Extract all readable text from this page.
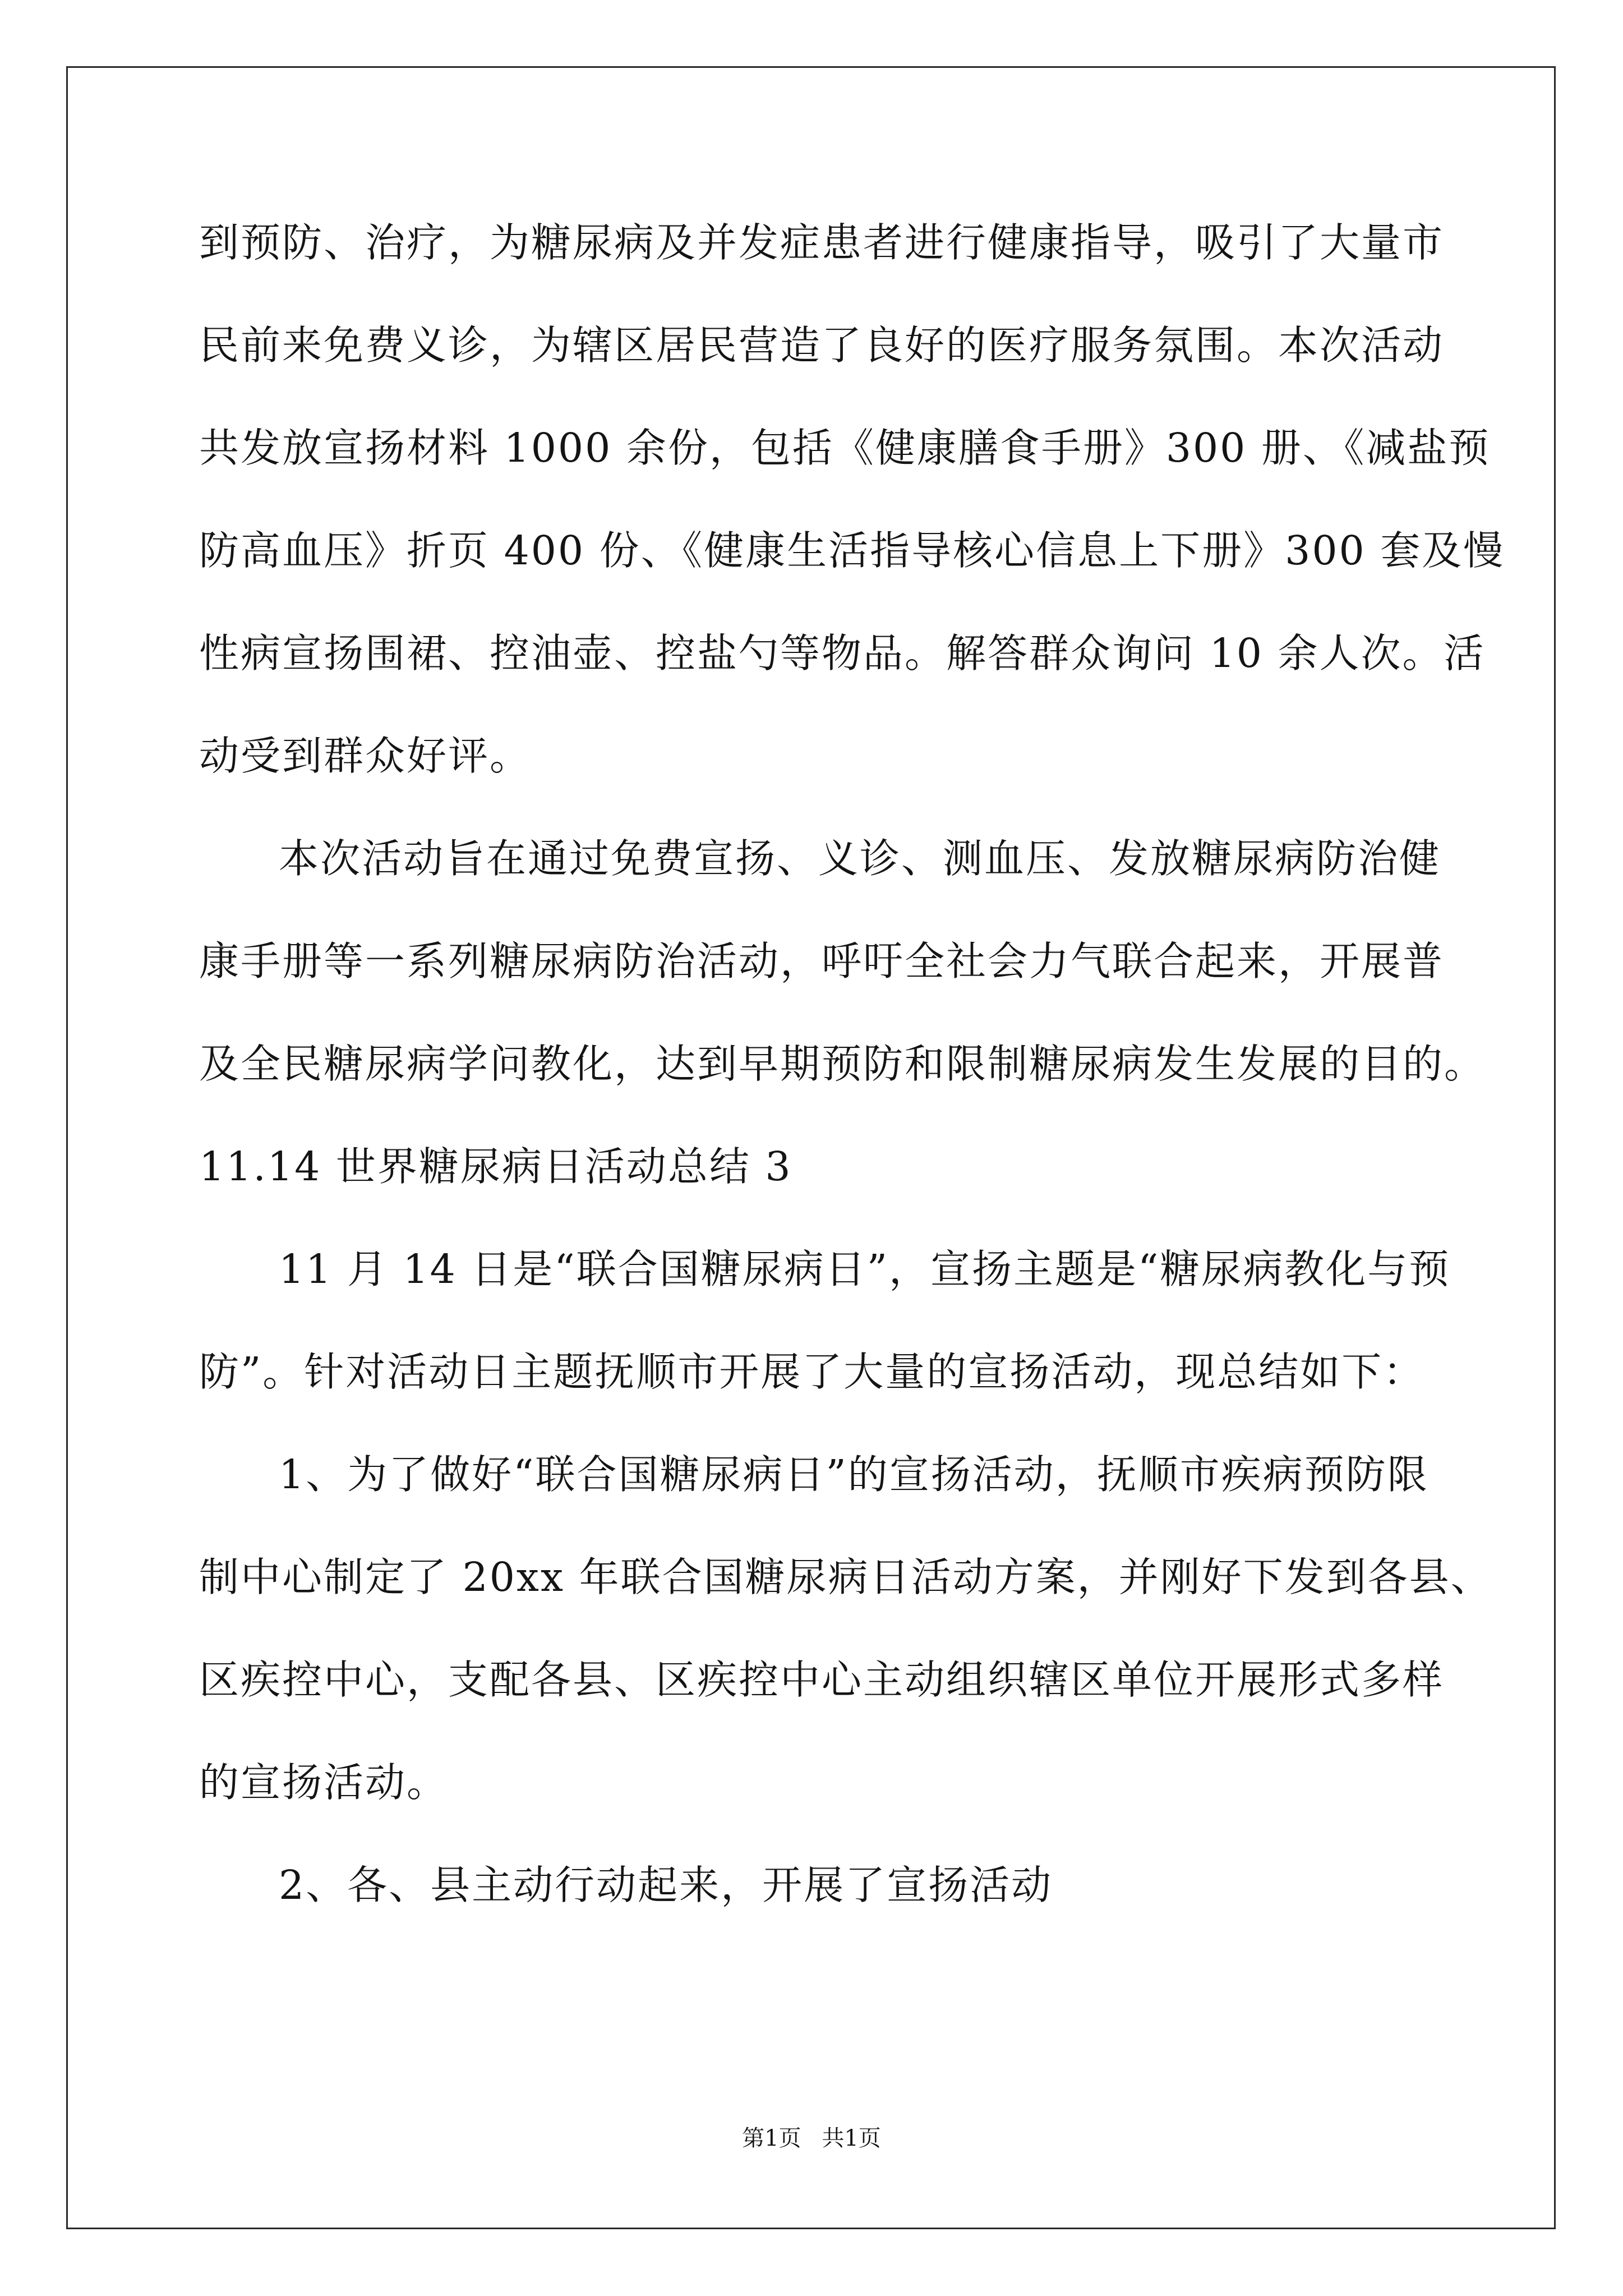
到预防、治疗，为糖尿病及并发症患者进行健康指导，吸引了大量市
民前来免费义诊，为辖区居民营造了良好的医疗服务氛围。本次活动
共发放宣扬材料 1000 余份，包括《健康膳食手册》300 册、《减盐预
防高血压》折页 400 份、《健康生活指导核心信息上下册》300 套及慢
性病宣扬围裙、控油壶、控盐勺等物品。解答群众询问 10 余人次。活
动受到群众好评。
本次活动旨在通过免费宣扬、义诊、测血压、发放糖尿病防治健
康手册等一系列糖尿病防治活动，呼吁全社会力气联合起来，开展普
及全民糖尿病学问教化，达到早期预防和限制糖尿病发生发展的目的。
11.14 世界糖尿病日活动总结 3
11 月 14 日是“联合国糖尿病日”，宣扬主题是“糖尿病教化与预
防”。针对活动日主题抚顺市开展了大量的宣扬活动，现总结如下：
1、为了做好“联合国糖尿病日”的宣扬活动，抚顺市疾病预防限
制中心制定了 20xx 年联合国糖尿病日活动方案，并刚好下发到各县、
区疾控中心，支配各县、区疾控中心主动组织辖区单位开展形式多样
的宣扬活动。
2、各、县主动行动起来，开展了宣扬活动
第1页 共1页
